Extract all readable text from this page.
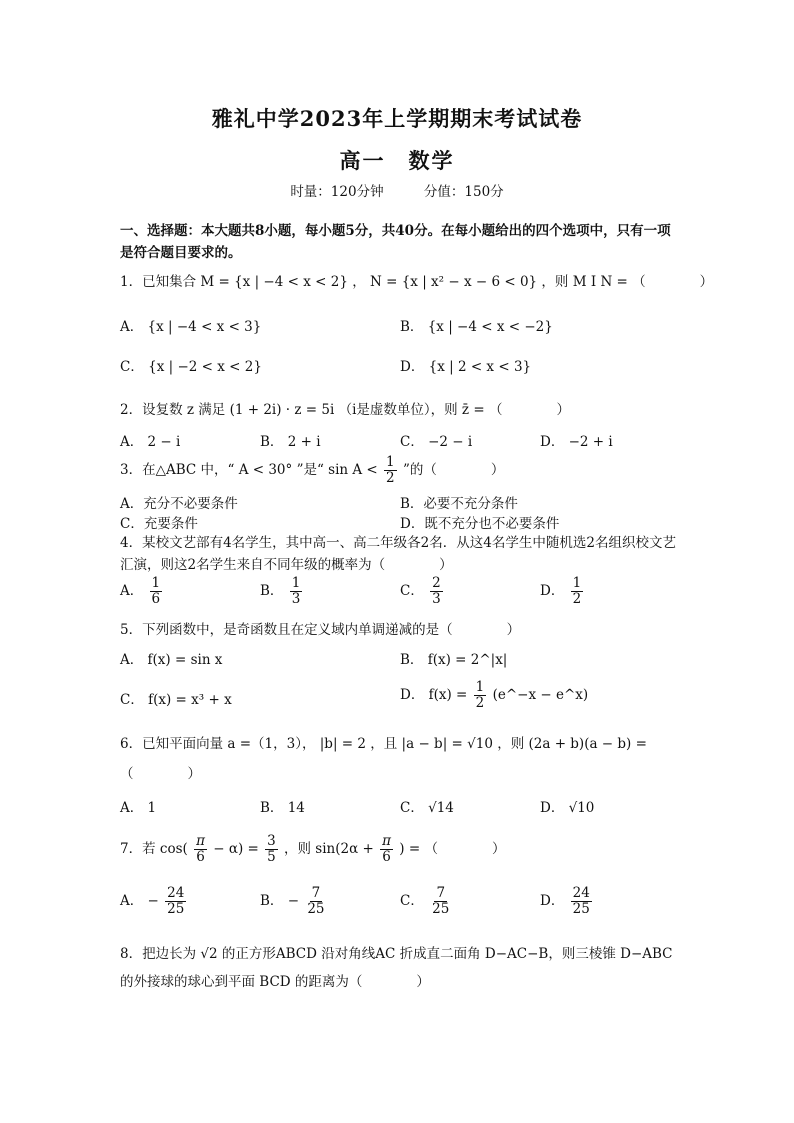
雅礼中学2023年上学期期末考试试卷
高一　数学
时量：120分钟	分值：150分
一、选择题：本大题共8小题，每小题5分，共40分。在每小题给出的四个选项中，只有一项是符合题目要求的。
1．已知集合 M = {x | −4 < x < 2} ， N = {x | x² − x − 6 < 0} ，则 M Ι N = （　　　　）
A． {x | −4 < x < 3}	B． {x | −4 < x < −2}
C． {x | −2 < x < 2}	D． {x | 2 < x < 3}
2．设复数 z 满足 (1 + 2i) · z = 5i （i是虚数单位），则 z̄ = （　　　　）
A． 2 − i	B． 2 + i	C． −2 − i	D． −2 + i
3．在△ABC 中，“ A < 30° ”是“ $\sin A < \frac{1}{2}$ ”的（　　　　）
A．充分不必要条件	B．必要不充分条件
C．充要条件	D．既不充分也不必要条件
4．某校文艺部有4名学生，其中高一、高二年级各2名．从这4名学生中随机选2名组织校文艺汇演，则这2名学生来自不同年级的概率为（　　　　）
A． $\frac{1}{6}$	B． $\frac{1}{3}$	C． $\frac{2}{3}$	D． $\frac{1}{2}$
5．下列函数中，是奇函数且在定义域内单调递减的是（　　　　）
A． f(x) = sin x	B． f(x) = 2^|x|
C． f(x) = x³ + x	D． $f(x) = \frac{1}{2}$ (e^−x − e^x)
6．已知平面向量 a =（1，3）， |b| = 2 ，且 |a − b| = √10 ，则 (2a + b)(a − b) =
（　　　　）
A． 1	B． 14	C． √14	D． √10
7．若 $\cos( \frac{\pi}{6} - \alpha) = \frac{3}{5}$ ，则 $\sin(2\alpha + \frac{\pi}{6}$ ) = （　　　　）
A． − $\frac{24}{25}$	B． − $\frac{7}{25}$	C． $\frac{7}{25}$	D． $\frac{24}{25}$
8．把边长为 √2 的正方形ABCD 沿对角线AC 折成直二面角 D−AC−B，则三棱锥 D−ABC
的外接球的球心到平面 BCD 的距离为（　　　　）
